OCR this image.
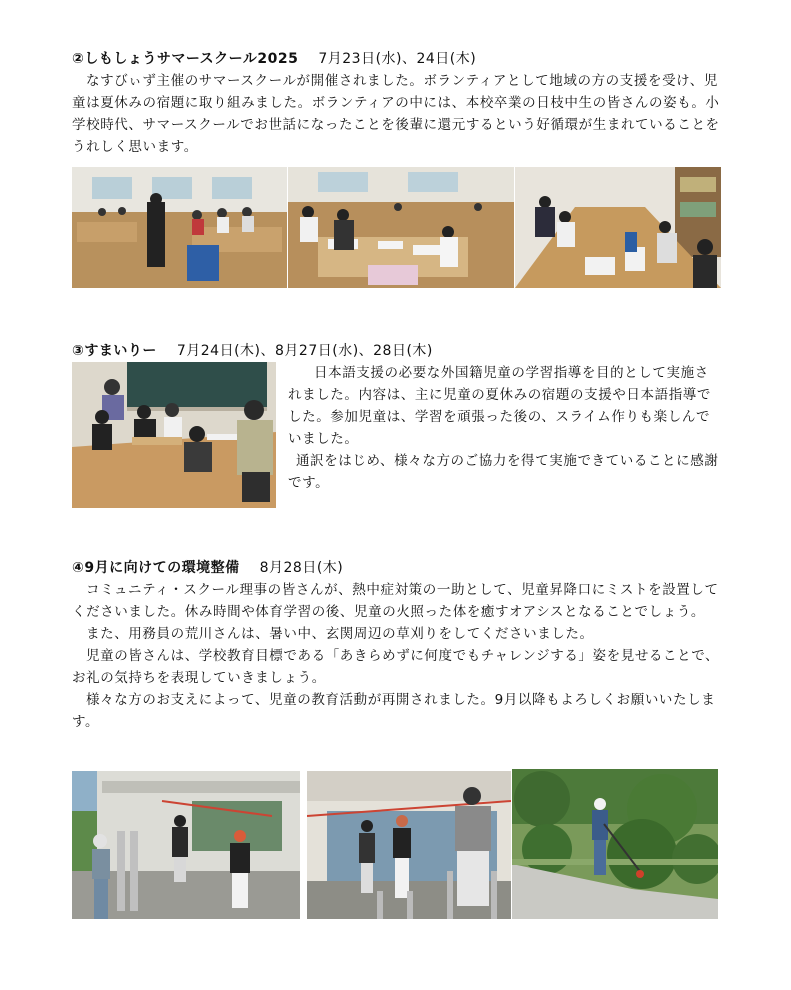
②しもしょうサマースクール2025 7月23日(水)、24日(木)

なすびぃず主催のサマースクールが開催されました。ボランティアとして地域の方の支援を受け、児童は夏休みの宿題に取り組みました。ボランティアの中には、本校卒業の日枝中生の皆さんの姿も。小学校時代、サマースクールでお世話になったことを後輩に還元するという好循環が生まれていることをうれしく思います。

③すまいりー 7月24日(木)、8月27日(水)、28日(木)

日本語支援の必要な外国籍児童の学習指導を目的として実施されました。内容は、主に児童の夏休みの宿題の支援や日本語指導でした。参加児童は、学習を頑張った後の、スライム作りも楽しんでいました。

通訳をはじめ、様々な方のご協力を得て実施できていることに感謝です。

④9月に向けての環境整備 8月28日(木)

コミュニティ・スクール理事の皆さんが、熱中症対策の一助として、児童昇降口にミストを設置してくださいました。休み時間や体育学習の後、児童の火照った体を癒すオアシスとなることでしょう。

また、用務員の荒川さんは、暑い中、玄関周辺の草刈りをしてくださいました。

児童の皆さんは、学校教育目標である「あきらめずに何度でもチャレンジする」姿を見せることで、お礼の気持ちを表現していきましょう。

様々な方のお支えによって、児童の教育活動が再開されました。9月以降もよろしくお願いいたします。
